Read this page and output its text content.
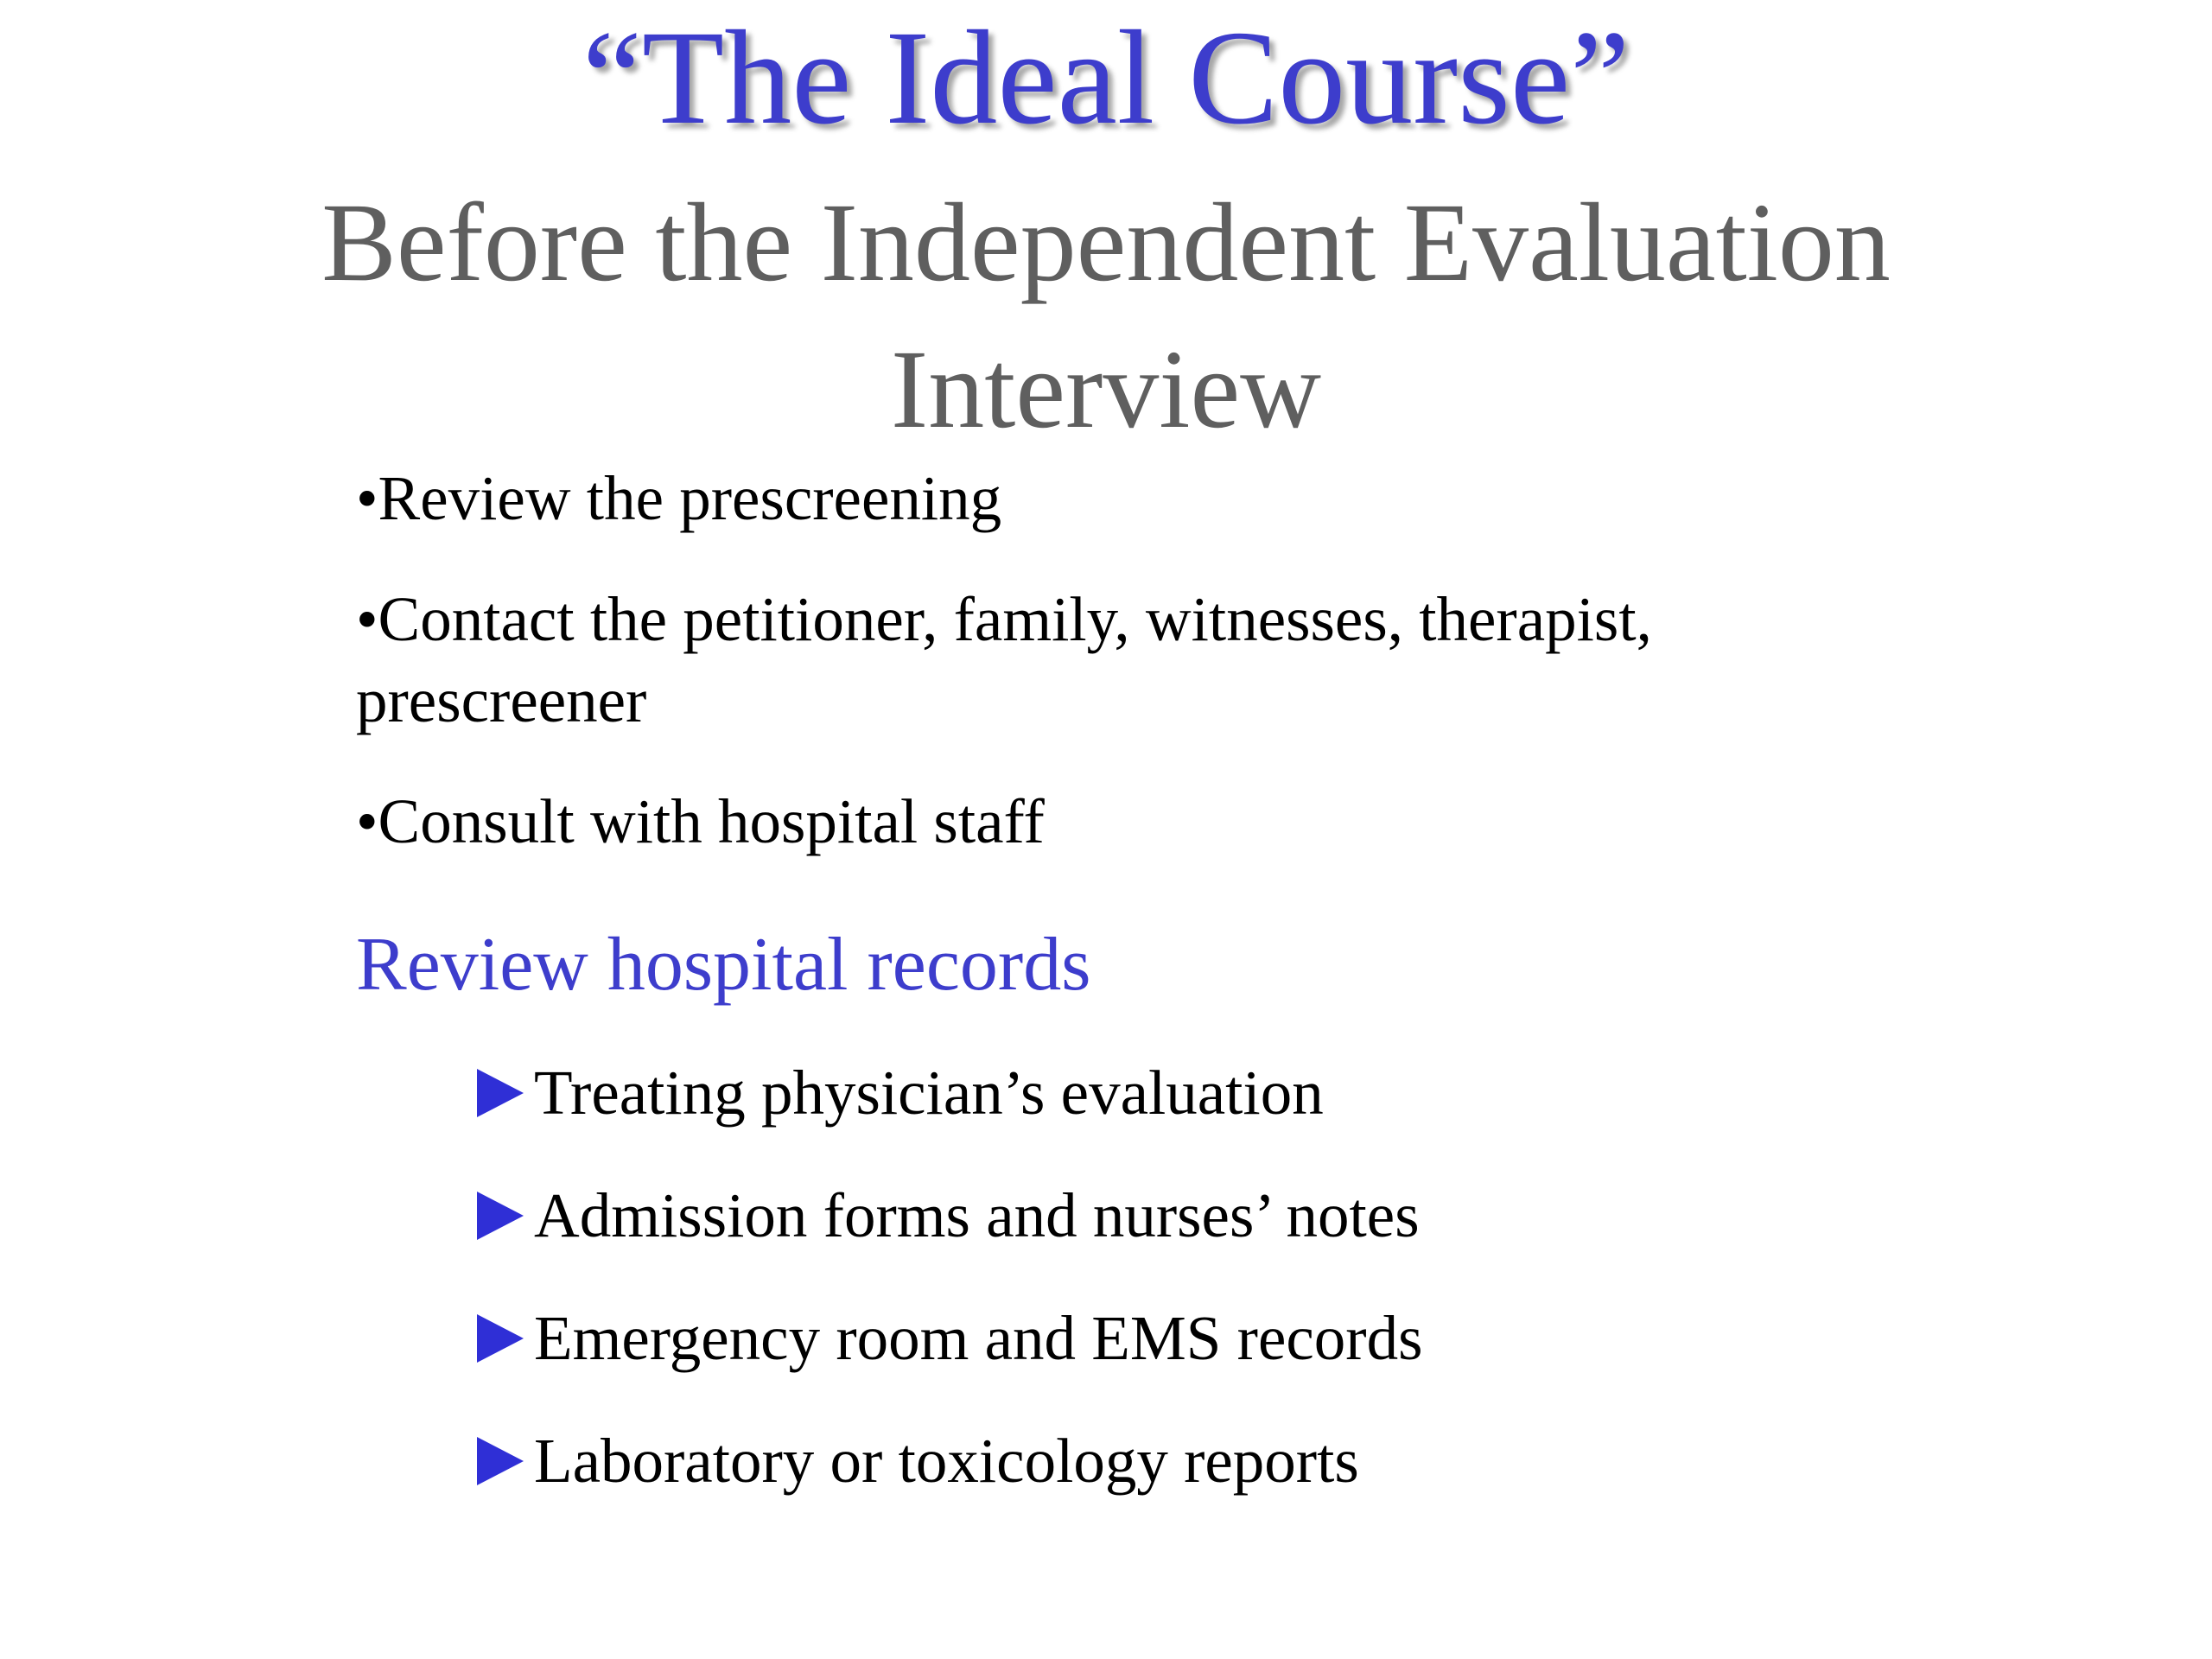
“The Ideal Course”
Before the Independent Evaluation
Interview
•Review the prescreening
•Contact the petitioner, family, witnesses, therapist, prescreener
•Consult with hospital staff
Review hospital records
Treating physician’s evaluation
Admission forms and nurses’ notes
Emergency room and EMS records
Laboratory or toxicology reports
